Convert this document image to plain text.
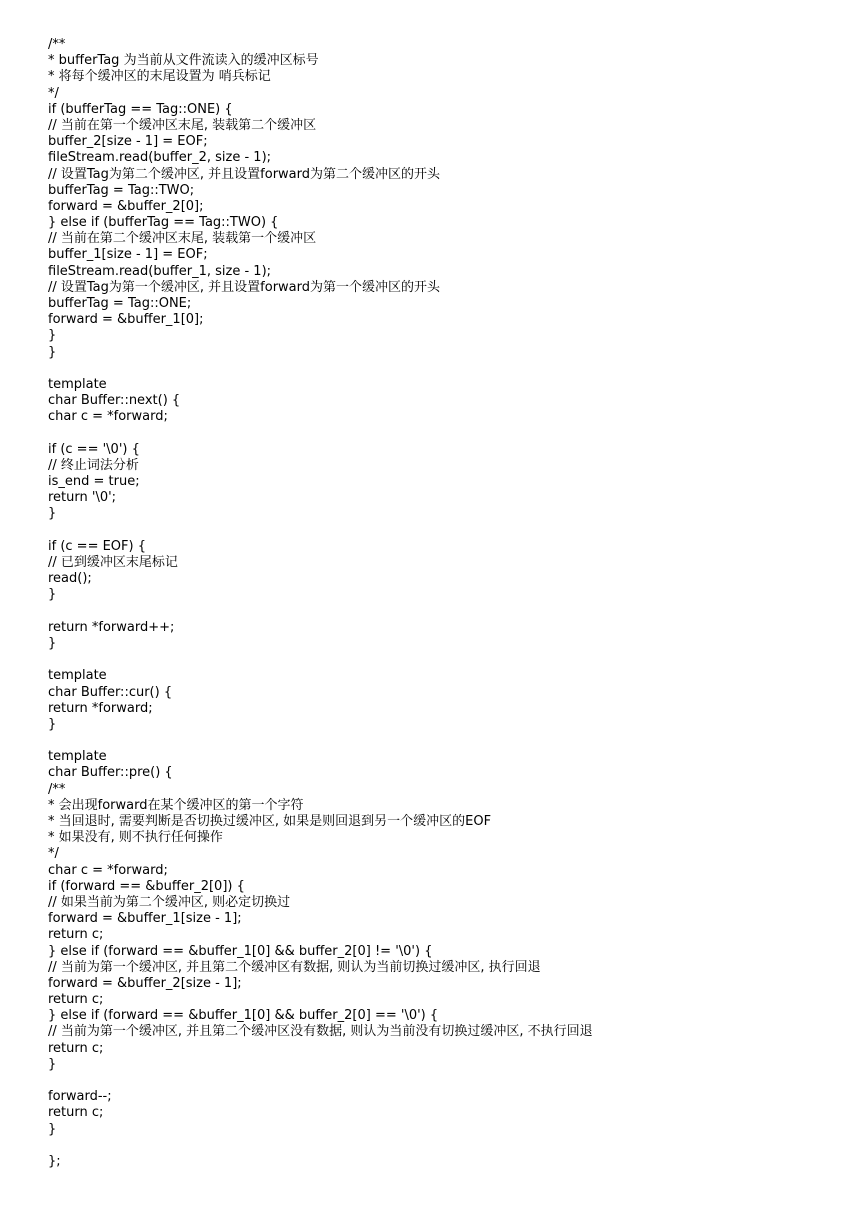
/**
* bufferTag 为当前从文件流读入的缓冲区标号
* 将每个缓冲区的末尾设置为 哨兵标记
*/
if (bufferTag == Tag::ONE) {
// 当前在第一个缓冲区末尾, 装载第二个缓冲区
buffer_2[size - 1] = EOF;
fileStream.read(buffer_2, size - 1);
// 设置Tag为第二个缓冲区, 并且设置forward为第二个缓冲区的开头
bufferTag = Tag::TWO;
forward = &buffer_2[0];
} else if (bufferTag == Tag::TWO) {
// 当前在第二个缓冲区末尾, 装载第一个缓冲区
buffer_1[size - 1] = EOF;
fileStream.read(buffer_1, size - 1);
// 设置Tag为第一个缓冲区, 并且设置forward为第一个缓冲区的开头
bufferTag = Tag::ONE;
forward = &buffer_1[0];
}
}
template
char Buffer::next() {
char c = *forward;
if (c == '\0') {
// 终止词法分析
is_end = true;
return '\0';
}
if (c == EOF) {
// 已到缓冲区末尾标记
read();
}
return *forward++;
}
template
char Buffer::cur() {
return *forward;
}
template
char Buffer::pre() {
/**
* 会出现forward在某个缓冲区的第一个字符
* 当回退时, 需要判断是否切换过缓冲区, 如果是则回退到另一个缓冲区的EOF
* 如果没有, 则不执行任何操作
*/
char c = *forward;
if (forward == &buffer_2[0]) {
// 如果当前为第二个缓冲区, 则必定切换过
forward = &buffer_1[size - 1];
return c;
} else if (forward == &buffer_1[0] && buffer_2[0] != '\0') {
// 当前为第一个缓冲区, 并且第二个缓冲区有数据, 则认为当前切换过缓冲区, 执行回退
forward = &buffer_2[size - 1];
return c;
} else if (forward == &buffer_1[0] && buffer_2[0] == '\0') {
// 当前为第一个缓冲区, 并且第二个缓冲区没有数据, 则认为当前没有切换过缓冲区, 不执行回退
return c;
}
forward--;
return c;
}
};
